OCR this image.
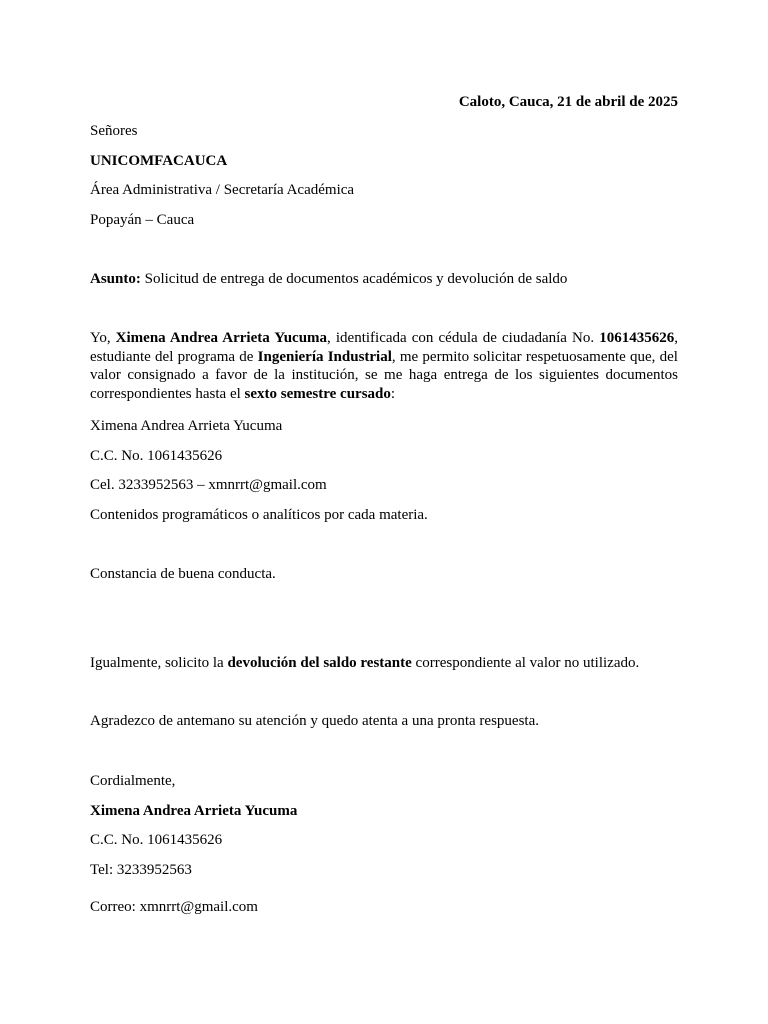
Caloto, Cauca, 21 de abril de 2025
Señores
UNICOMFACAUCA
Área Administrativa / Secretaría Académica
Popayán – Cauca
Asunto: Solicitud de entrega de documentos académicos y devolución de saldo
Yo, Ximena Andrea Arrieta Yucuma, identificada con cédula de ciudadanía No. 1061435626, estudiante del programa de Ingeniería Industrial, me permito solicitar respetuosamente que, del valor consignado a favor de la institución, se me haga entrega de los siguientes documentos correspondientes hasta el sexto semestre cursado:
Ximena Andrea Arrieta Yucuma
C.C. No. 1061435626
Cel. 3233952563 – xmnrrt@gmail.com
Contenidos programáticos o analíticos por cada materia.
Constancia de buena conducta.
Igualmente, solicito la devolución del saldo restante correspondiente al valor no utilizado.
Agradezco de antemano su atención y quedo atenta a una pronta respuesta.
Cordialmente,
Ximena Andrea Arrieta Yucuma
C.C. No. 1061435626
Tel: 3233952563
Correo: xmnrrt@gmail.com
